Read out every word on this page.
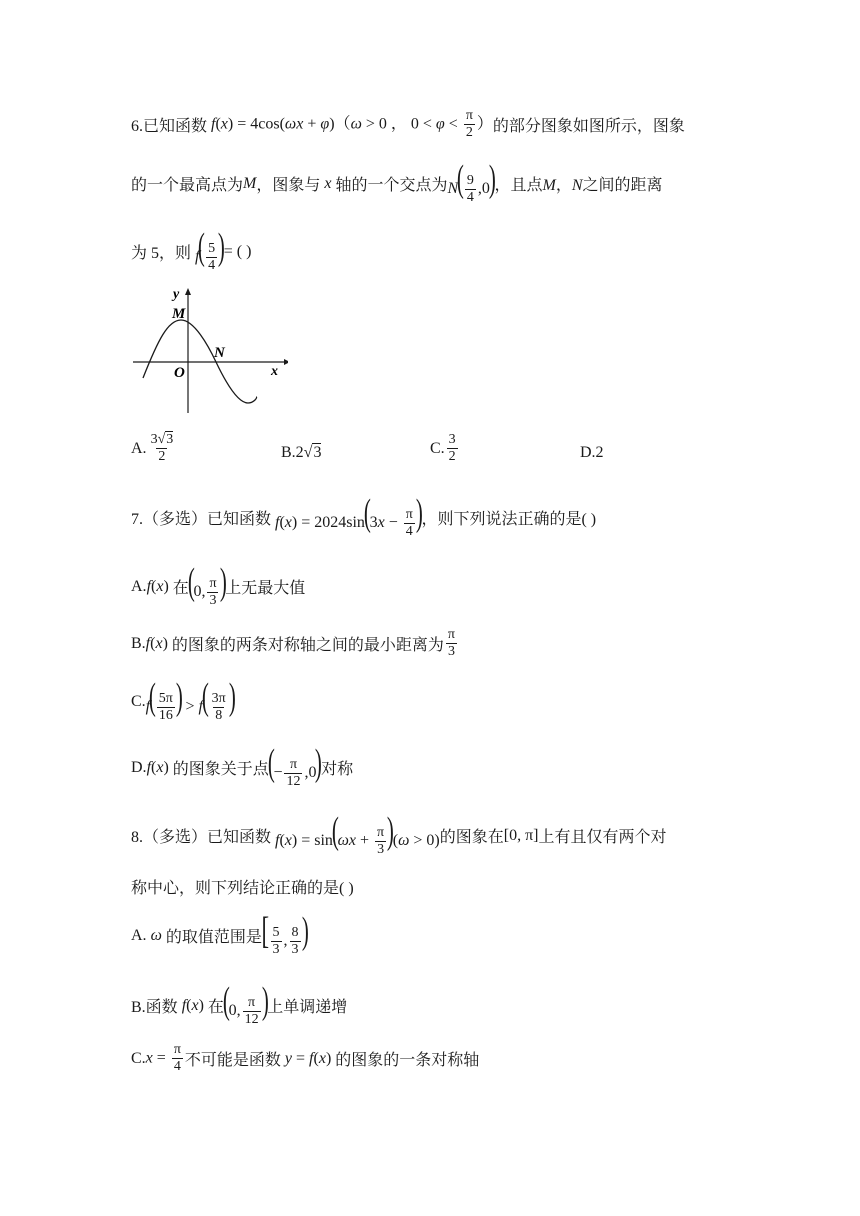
6.已知函数 f(x) = 4cos(ωx + φ)（ω > 0 ， $0 < \varphi < \frac{\pi}{2}$ ） 的部分图象如图所示，图象
的一个最高点为 M ，图象与 x 轴的一个交点为 $N( \frac{9}{4} ,0)$
，且点 M，N 之间的距离
为 5，则 $f( \frac{5}{4}$ )
= ( )
y
x
M
N
O
A. $\frac{3√3}{2}$	B. 2√3	C. $\frac{3}{2}$	D.2
7.（多选）已知函数 $f(x) = 2024\sin(3x - \frac{\pi}{4}$ )
，则下列说法正确的是( )
A. f(x) 在
(0, $\frac{\pi}{3}$ )
上无最大值
B. f(x) 的图象的两条对称轴之间的最小距离为 $\frac{\pi}{3}$
C. $f( \frac{5\pi}{16}$ ) > $f( \frac{3\pi}{8}$ )
D. f(x) 的图象关于点
(− $\frac{\pi}{12} ,0$)
对称
8.（多选）已知函数 $f(x) = \sin(\omega x + \frac{\pi}{3} )(\omega > 0)$ 的图象在 [0, π] 上有且仅有两个对
称中心，则下列结论正确的是( )
A. ω 的取值范围是 [ $\frac{5}{3}$ , $\frac{8}{3}$ )
B.函数 f(x) 在
(0, $\frac{\pi}{12}$ )
上单调递增
C. $x = \frac{\pi}{4}$ 不可能是函数 y = f(x) 的图象的一条对称轴
